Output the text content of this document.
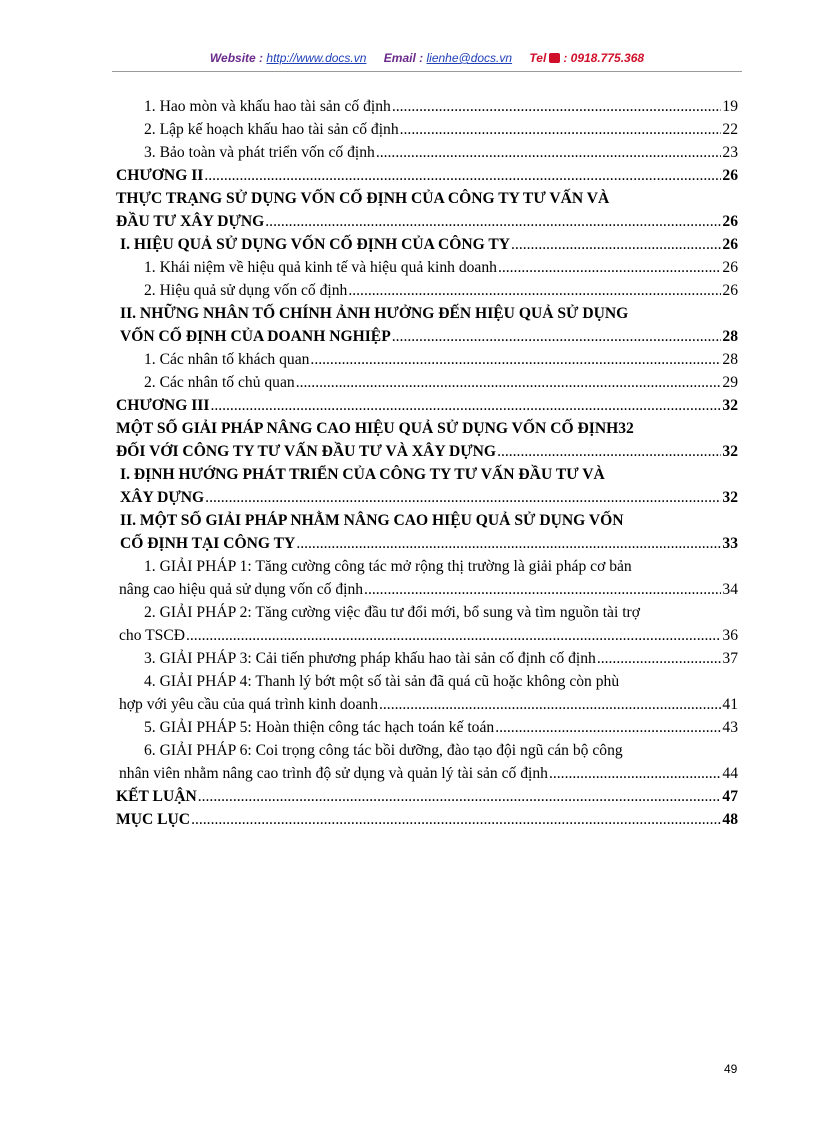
Website : http://www.docs.vn Email : lienhe@docs.vn Tel : 0918.775.368
1. Hao mòn và khấu hao tài sản cố định .....	19
2. Lập kế hoạch khấu hao tài sản cố định .....	22
3. Bảo toàn và phát triển vốn cố định .....	23
CHƯƠNG II .....	26
THỰC TRẠNG SỬ DỤNG VỐN CỐ ĐỊNH CỦA CÔNG TY TƯ VẤN VÀ
ĐẦU TƯ XÂY DỰNG .....	26
I. HIỆU QUẢ SỬ DỤNG VỐN CỐ ĐỊNH CỦA CÔNG TY .....	26
1. Khái niệm về hiệu quả kinh tế và hiệu quả kinh doanh .....	26
2. Hiệu quả sử dụng vốn cố định .....	26
II. NHỮNG NHÂN TỐ CHÍNH ẢNH HƯỞNG ĐẾN HIỆU QUẢ SỬ DỤNG
VỐN CỐ ĐỊNH CỦA DOANH NGHIỆP .....	28
1. Các nhân tố khách quan .....	28
2. Các nhân tố chủ quan .....	29
CHƯƠNG III .....	32
MỘT SỐ GIẢI PHÁP NÂNG CAO HIỆU QUẢ SỬ DỤNG VỐN CỐ ĐỊNH32
ĐỐI VỚI CÔNG TY TƯ VẤN ĐẦU TƯ VÀ XÂY DỰNG .....	32
I. ĐỊNH HƯỚNG PHÁT TRIỂN CỦA CÔNG TY TƯ VẤN ĐẦU TƯ VÀ
XÂY DỰNG .....	32
II. MỘT SỐ GIẢI PHÁP NHẰM NÂNG CAO HIỆU QUẢ SỬ DỤNG VỐN
CỐ ĐỊNH TẠI CÔNG TY .....	33
1. GIẢI PHÁP 1: Tăng cường công tác mở rộng thị trường là giải pháp cơ bản
nâng cao hiệu quả sử dụng vốn cố định .....	34
2. GIẢI PHÁP 2: Tăng cường việc đầu tư đổi mới, bổ sung và tìm nguồn tài trợ
cho TSCĐ .....	36
3. GIẢI PHÁP 3: Cải tiến phương pháp khấu hao tài sản cố định cố định .....	37
4. GIẢI PHÁP 4: Thanh lý bớt một số tài sản đã quá cũ hoặc không còn phù
hợp với yêu cầu của quá trình kinh doanh .....	41
5. GIẢI PHÁP 5: Hoàn thiện công tác hạch toán kế toán .....	43
6. GIẢI PHÁP 6: Coi trọng công tác bồi dưỡng, đào tạo đội ngũ cán bộ công
nhân viên nhằm nâng cao trình độ sử dụng và quản lý tài sản cố định .....	44
KẾT LUẬN .....	47
MỤC LỤC .....	48
49
